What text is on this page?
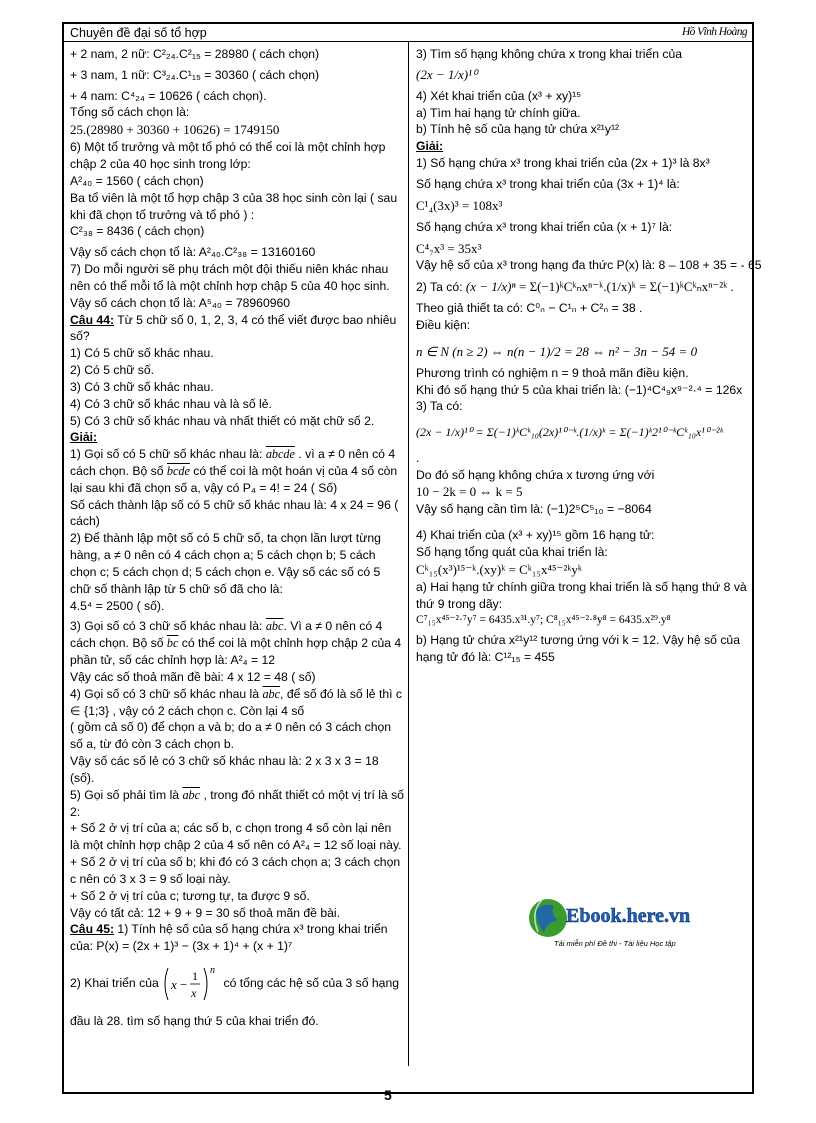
Chuyên đề đại số tổ hợp	Hồ Vĩnh Hoàng
+ 2 nam, 2 nữ: C²₂₄.C²₁₅ = 28980 ( cách chọn)
+ 3 nam, 1 nữ: C³₂₄.C¹₁₅ = 30360 ( cách chọn)
+ 4 nam: C⁴₂₄ = 10626 ( cách chọn).
Tổng số cách chọn là:
25.(28980 + 30360 + 10626) = 1749150
6) Một tổ trưởng và một tổ phó có thể coi là một chỉnh hợp chập 2 của 40 học sinh trong lớp:
A²₄₀ = 1560 ( cách chọn)
Ba tổ viên là một tổ hợp chập 3 của 38 học sinh còn lại ( sau khi đã chọn tổ trưởng và tổ phó ) :
C²₃₈ = 8436 ( cách chọn)
Vậy số cách chọn tổ là: A²₄₀.C²₃₈ = 13160160
7) Do mỗi người sẽ phụ trách một đội thiếu niên khác nhau nên có thể mỗi tổ là một chỉnh hợp chập 5 của 40 học sinh.
Vậy số cách chọn tổ là: A⁵₄₀ = 78960960
Câu 44: Từ 5 chữ số 0, 1, 2, 3, 4 có thể viết được bao nhiêu số?
1) Có 5 chữ số khác nhau.
2) Có 5 chữ số.
3) Có 3 chữ số khác nhau.
4) Có 3 chữ số khác nhau và là số lẻ.
5) Có 3 chữ số khác nhau và nhất thiết có mặt chữ số 2.
Giải:
1) Gọi số có 5 chữ số khác nhau là: abcde . vì a ≠ 0 nên có 4 cách chọn. Bộ số bcde có thể coi là một hoán vị của 4 số còn lại sau khi đã chọn số a, vậy có P₄ = 4! = 24 ( Số)
Số cách thành lập số có 5 chữ số khác nhau là: 4 x 24 = 96 ( cách)
2) Để thành lập một số có 5 chữ số, ta chọn lần lượt từng hàng, a ≠ 0 nên có 4 cách chọn a; 5 cách chọn b; 5 cách chọn c; 5 cách chọn d; 5 cách chọn e. Vậy số các số có 5 chữ số thành lập từ 5 chữ số đã cho là:
4.5⁴ = 2500 ( số).
3) Gọi số có 3 chữ số khác nhau là: $\overline{abc}$. Vì a ≠ 0 nên có 4 cách chọn. Bộ số $\overline{bc}$ có thể coi là một chỉnh hợp chập 2 của 4 phần tử, số các chỉnh hợp là: A²₄ = 12
Vậy các số thoả mãn đề bài: 4 x 12 = 48 ( số)
4) Gọi số có 3 chữ số khác nhau là $\overline{abc}$, để số đó là số lẻ thì c ∈ {1;3} , vậy có 2 cách chọn c. Còn lại 4 số
( gồm cả số 0) để chọn a và b; do a ≠ 0 nên có 3 cách chọn số a, từ đó còn 3 cách chọn b.
Vậy số các số lẻ có 3 chữ số khác nhau là: 2 x 3 x 3 = 18 (số).
5) Gọi số phải tìm là $\overline{abc}$ , trong đó nhất thiết có một vị trí là số 2:
+ Số 2 ở vị trí của a; các số b, c chọn trong 4 số còn lại nên là một chỉnh hợp chập 2 của 4 số nên có A²₄ = 12 số loại này.
+ Số 2 ở vị trí của số b; khi đó có 3 cách chọn a; 3 cách chọn c nên có 3 x 3 = 9 số loại này.
+ Số 2 ở vị trí của c; tương tự, ta được 9 số.
Vậy có tất cả: 12 + 9 + 9 = 30 số thoả mãn đề bài.
Câu 45: 1) Tính hệ số của số hạng chứa x³ trong khai triển của: P(x) = (2x + 1)³ − (3x + 1)⁴ + (x + 1)⁷
2) Khai triển của x −
1
x
n
có tổng các hệ số của 3 số hạng
đầu là 28. tìm số hạng thứ 5 của khai triển đó.
3) Tìm số hạng không chứa x trong khai triển của
(2x − 1/x)¹⁰
4) Xét khai triển của (x³ + xy)¹⁵
a) Tìm hai hạng tử chính giữa.
b) Tính hệ số của hạng tử chứa x²¹y¹²
Giải:
1) Số hạng chứa x³ trong khai triển của (2x + 1)³ là 8x³
Số hạng chứa x³ trong khai triển của (3x + 1)⁴ là:
C¹₄(3x)³ = 108x³
Số hạng chứa x³ trong khai triển của (x + 1)⁷ là:
C⁴₇x³ = 35x³
Vậy hệ số của x³ trong hạng đa thức P(x) là: 8 – 108 + 35 = - 65
2) Ta có: (x − 1/x)ⁿ = Σ(−1)ᵏCᵏₙxⁿ⁻ᵏ.(1/x)ᵏ = Σ(−1)ᵏCᵏₙxⁿ⁻²ᵏ .
Theo giả thiết ta có: C⁰ₙ − C¹ₙ + C²ₙ = 38 .
Điều kiện:
n ∈ N (n ≥ 2) ⇔ n(n − 1)/2 = 28 ⇔ n² − 3n − 54 = 0
Phương trình có nghiệm n = 9 thoả mãn điều kiện.
Khi đó số hạng thứ 5 của khai triển là: (−1)⁴C⁴₉x⁹⁻²·⁴ = 126x
3) Ta có:
(2x − 1/x)¹⁰ = Σ(−1)ᵏCᵏ₁₀(2x)¹⁰⁻ᵏ.(1/x)ᵏ = Σ(−1)ᵏ2¹⁰⁻ᵏCᵏ₁₀x¹⁰⁻²ᵏ
.
Do đó số hạng không chứa x tương ứng với
10 − 2k = 0 ⇔ k = 5
Vậy số hạng cần tìm là: (−1)2⁵C⁵₁₀ = −8064
4) Khai triển của (x³ + xy)¹⁵ gồm 16 hạng tử:
Số hạng tổng quát của khai triển là:
Cᵏ₁₅(x³)¹⁵⁻ᵏ.(xy)ᵏ = Cᵏ₁₅x⁴⁵⁻²ᵏyᵏ
a) Hai hạng tử chính giữa trong khai triển là số hạng thứ 8 và thứ 9 trong dãy:
C⁷₁₅x⁴⁵⁻²·⁷y⁷ = 6435.x³¹.y⁷; C⁸₁₅x⁴⁵⁻²·⁸y⁸ = 6435.x²⁹.y⁸
b) Hạng tử chứa x²¹y¹² tương ứng với k = 12. Vậy hệ số của hạng tử đó là: C¹²₁₅ = 455
Ebook.here.vn
Tải miễn phí Đề thi - Tài liệu Học tập
5
